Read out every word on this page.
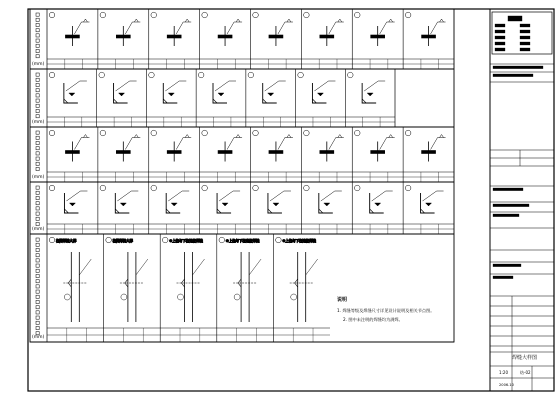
柱脚焊缝大样	柱脚焊缝大样	①上柱与下柱连接焊缝	②上柱与下柱连接焊缝	③上柱与下柱连接焊缝
(mm)
(mm)
(mm)
(mm)
(mm)
说明
1. 焊缝等级及焊缝尺寸详见设计说明及相关节点图。
2. 图中未注明的焊缝均为满焊。
焊缝大样图
结-02
1:20
2006.10
